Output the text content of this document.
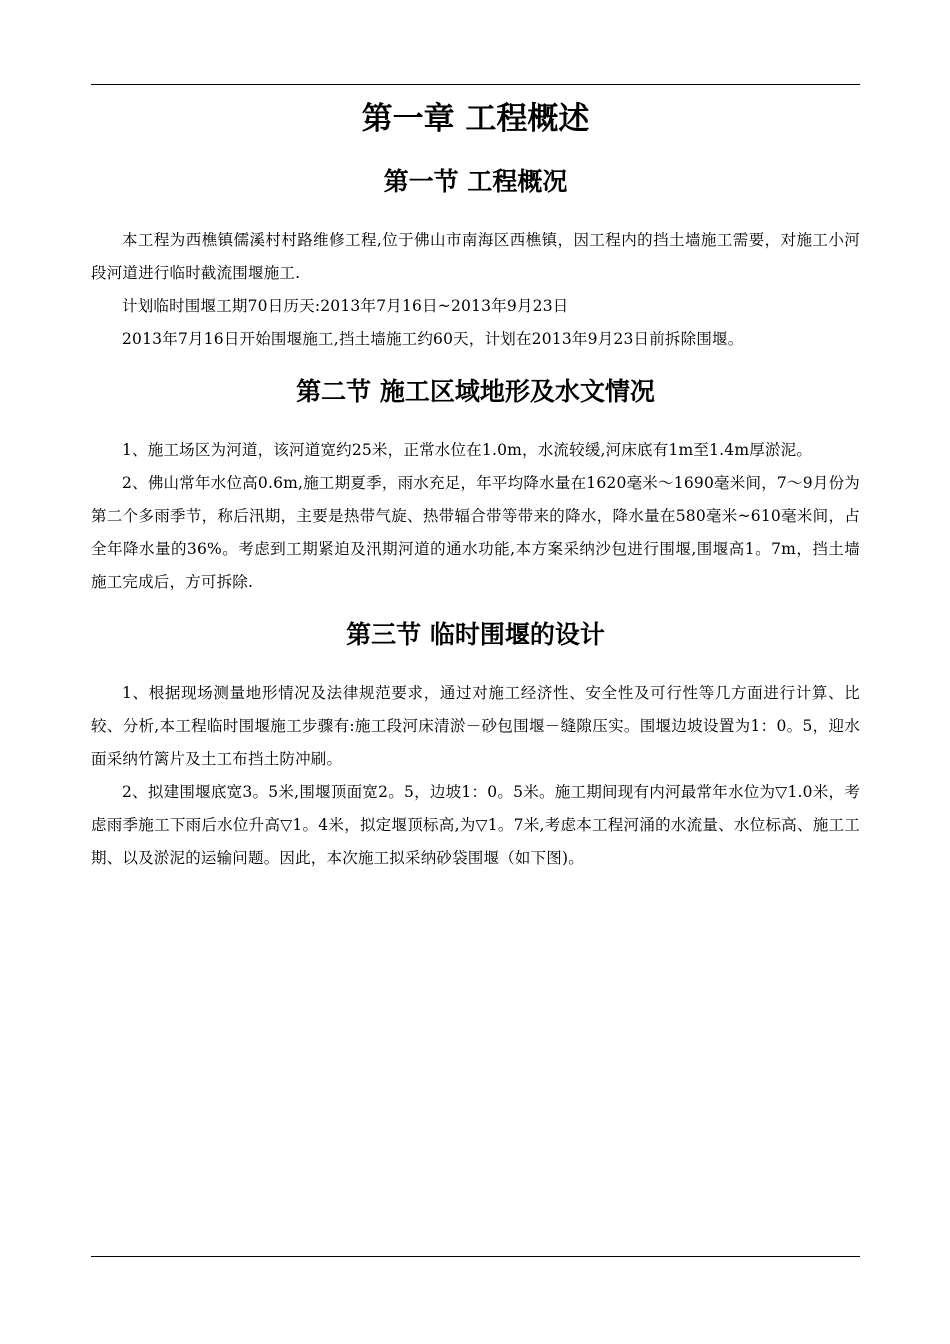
第一章 工程概述
第一节 工程概况

本工程为西樵镇儒溪村村路维修工程,位于佛山市南海区西樵镇，因工程内的挡土墙施工需要，对施工小河段河道进行临时截流围堰施工.

计划临时围堰工期70日历天:2013年7月16日~2013年9月23日

2013年7月16日开始围堰施工,挡土墙施工约60天，计划在2013年9月23日前拆除围堰。

第二节 施工区域地形及水文情况

1、施工场区为河道，该河道宽约25米，正常水位在1.0m，水流较缓,河床底有1m至1.4m厚淤泥。

2、佛山常年水位高0.6m,施工期夏季，雨水充足，年平均降水量在1620毫米～1690毫米间，7～9月份为第二个多雨季节，称后汛期，主要是热带气旋、热带辐合带等带来的降水，降水量在580毫米~610毫米间，占全年降水量的36%。考虑到工期紧迫及汛期河道的通水功能,本方案采纳沙包进行围堰,围堰高1。7m，挡土墙施工完成后，方可拆除.

第三节 临时围堰的设计

1、根据现场测量地形情况及法律规范要求，通过对施工经济性、安全性及可行性等几方面进行计算、比较、分析,本工程临时围堰施工步骤有:施工段河床清淤－砂包围堰－缝隙压实。围堰边坡设置为1：0。5，迎水面采纳竹篱片及土工布挡土防冲刷。

2、拟建围堰底宽3。5米,围堰顶面宽2。5，边坡1：0。5米。施工期间现有内河最常年水位为▽1.0米，考虑雨季施工下雨后水位升高▽1。4米，拟定堰顶标高,为▽1。7米,考虑本工程河涌的水流量、水位标高、施工工期、以及淤泥的运输问题。因此，本次施工拟采纳砂袋围堰（如下图)。
